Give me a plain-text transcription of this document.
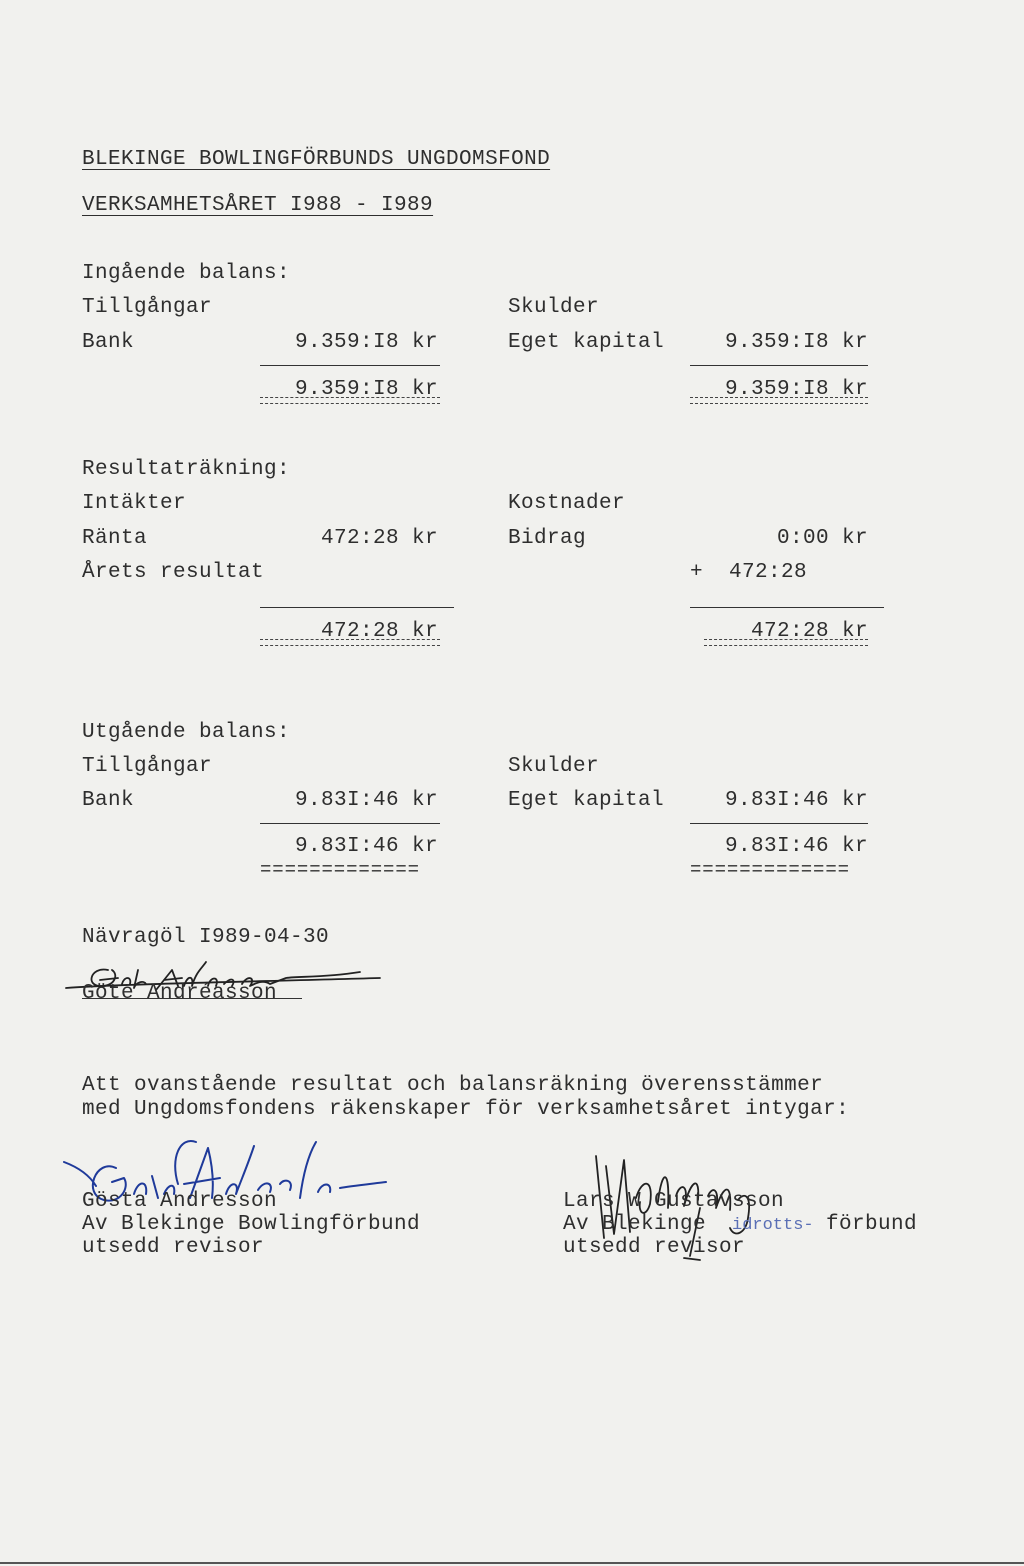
BLEKINGE BOWLINGFÖRBUNDS UNGDOMSFOND
VERKSAMHETSÅRET I988 - I989
Ingående balans:
Tillgångar	Skulder
Bank	9.359:I8 kr	Eget kapital	9.359:I8 kr
9.359:I8 kr	9.359:I8 kr
Resultaträkning:
Intäkter	Kostnader
Ränta	472:28 kr	Bidrag	0:00 kr
Årets resultat	+  472:28
472:28 kr	472:28 kr
Utgående balans:
Tillgångar	Skulder
Bank	9.83I:46 kr	Eget kapital	9.83I:46 kr
9.83I:46 kr	9.83I:46 kr
=============	=============
Nävragöl I989-04-30
Göte Andréasson
Att ovanstående resultat och balansräkning överensstämmer
med Ungdomsfondens räkenskaper för verksamhetsåret intygar:
Gösta Andresson
Av Blekinge Bowlingförbund
utsedd revisor
Lars W Gustavsson
Av Blekinge idrotts- förbund
utsedd revisor
